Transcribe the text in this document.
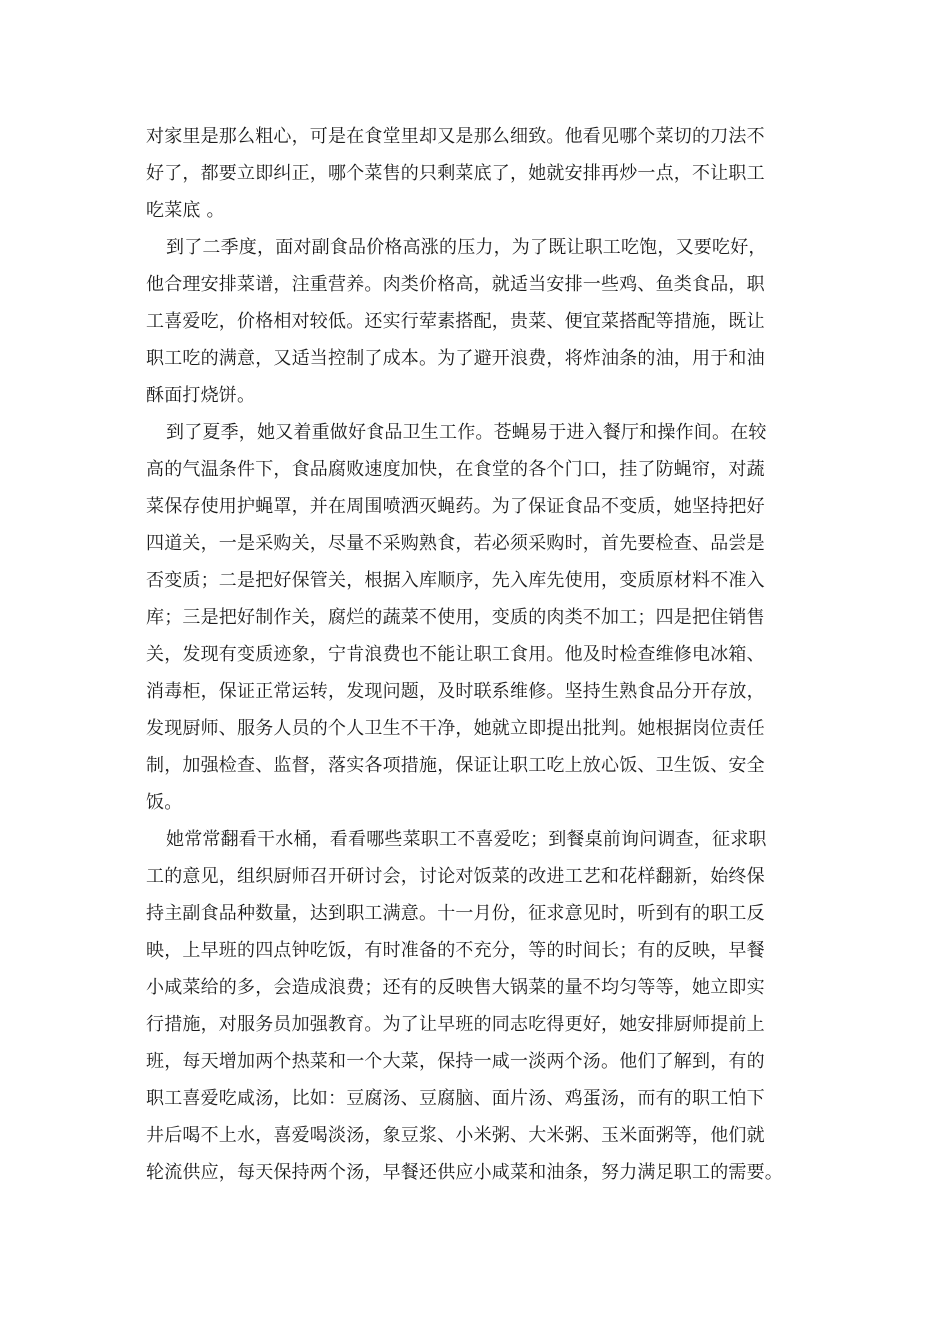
对家里是那么粗心，可是在食堂里却又是那么细致。他看见哪个菜切的刀法不
好了，都要立即纠正，哪个菜售的只剩菜底了，她就安排再炒一点，不让职工
吃菜底 。
到了二季度，面对副食品价格高涨的压力，为了既让职工吃饱，又要吃好，
他合理安排菜谱，注重营养。肉类价格高，就适当安排一些鸡、鱼类食品，职
工喜爱吃，价格相对较低。还实行荤素搭配，贵菜、便宜菜搭配等措施，既让
职工吃的满意，又适当控制了成本。为了避开浪费，将炸油条的油，用于和油
酥面打烧饼。
到了夏季，她又着重做好食品卫生工作。苍蝇易于进入餐厅和操作间。在较
高的气温条件下，食品腐败速度加快，在食堂的各个门口，挂了防蝇帘，对蔬
菜保存使用护蝇罩，并在周围喷洒灭蝇药。为了保证食品不变质，她坚持把好
四道关，一是采购关，尽量不采购熟食，若必须采购时，首先要检查、品尝是
否变质；二是把好保管关，根据入库顺序，先入库先使用，变质原材料不准入
库；三是把好制作关，腐烂的蔬菜不使用，变质的肉类不加工；四是把住销售
关，发现有变质迹象，宁肯浪费也不能让职工食用。他及时检查维修电冰箱、
消毒柜，保证正常运转，发现问题，及时联系维修。坚持生熟食品分开存放，
发现厨师、服务人员的个人卫生不干净，她就立即提出批判。她根据岗位责任
制，加强检查、监督，落实各项措施，保证让职工吃上放心饭、卫生饭、安全
饭。
她常常翻看干水桶，看看哪些菜职工不喜爱吃；到餐桌前询问调查，征求职
工的意见，组织厨师召开研讨会，讨论对饭菜的改进工艺和花样翻新，始终保
持主副食品种数量，达到职工满意。十一月份，征求意见时，听到有的职工反
映，上早班的四点钟吃饭，有时准备的不充分，等的时间长；有的反映，早餐
小咸菜给的多，会造成浪费；还有的反映售大锅菜的量不均匀等等，她立即实
行措施，对服务员加强教育。为了让早班的同志吃得更好，她安排厨师提前上
班，每天增加两个热菜和一个大菜，保持一咸一淡两个汤。他们了解到，有的
职工喜爱吃咸汤，比如：豆腐汤、豆腐脑、面片汤、鸡蛋汤，而有的职工怕下
井后喝不上水，喜爱喝淡汤，象豆浆、小米粥、大米粥、玉米面粥等，他们就
轮流供应，每天保持两个汤，早餐还供应小咸菜和油条，努力满足职工的需要。
